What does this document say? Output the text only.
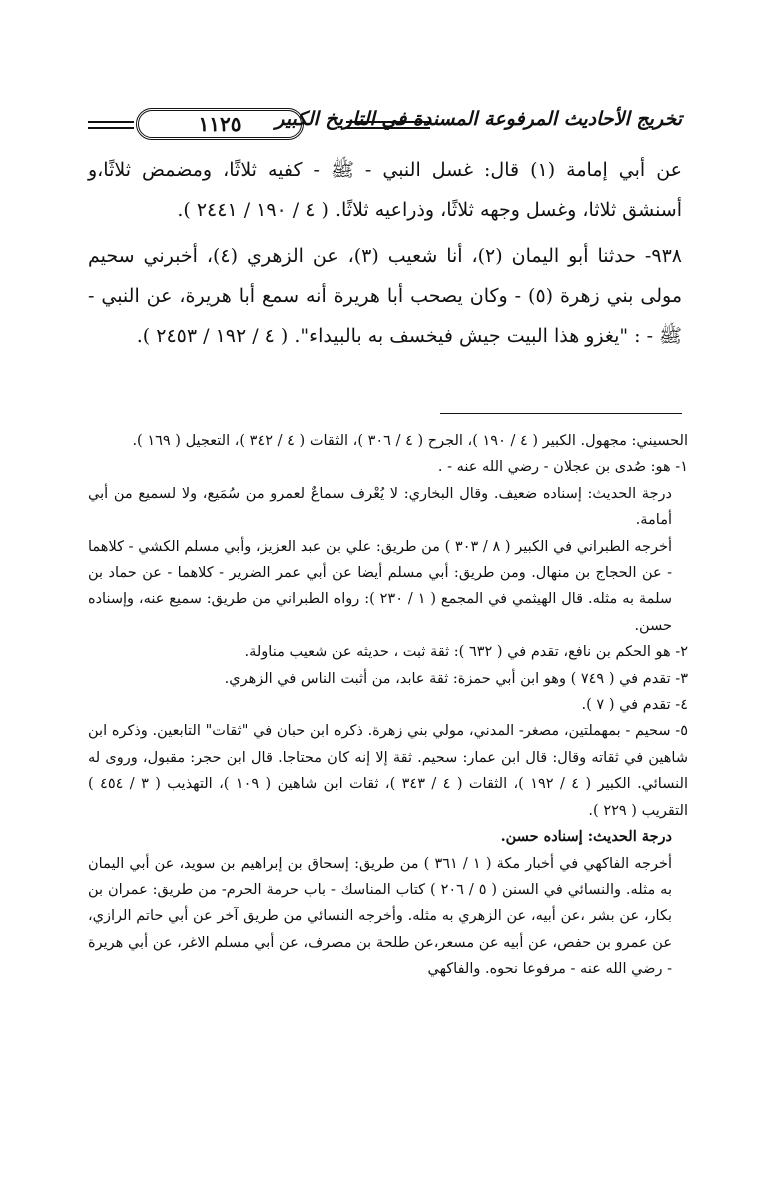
تخريج الأحاديث المرفوعة المسندة في التاريخ الكبير
١١٢٥

عن أبي إمامة (١) قال: غسل النبي - ﷺ - كفيه ثلاثًا، ومضمض ثلاثًا،و أسنشق ثلاثا، وغسل وجهه ثلاثًا، وذراعيه ثلاثًا. ( ٤ / ١٩٠ / ٢٤٤١ ).

٩٣٨- حدثنا أبو اليمان (٢)، أنا شعيب (٣)، عن الزهري (٤)، أخبرني سحيم مولى بني زهرة (٥) - وكان يصحب أبا هريرة أنه سمع أبا هريرة، عن النبي - ﷺ - : "يغزو هذا البيت جيش فيخسف به بالبيداء". ( ٤ / ١٩٢ / ٢٤٥٣ ).

الحسيني: مجهول. الكبير ( ٤ / ١٩٠ )، الجرح ( ٤ / ٣٠٦ )، الثقات ( ٤ / ٣٤٢ )، التعجيل ( ١٦٩ ).

١- هو: صُدى بن عجلان - رضي الله عنه - .

درجة الحديث: إسناده ضعيف. وقال البخاري: لا يُعْرف سماعٌ لعمرو من سُمَيع، ولا لسميع من أبي أمامة.

أخرجه الطبراني في الكبير ( ٨ / ٣٠٣ ) من طريق: علي بن عبد العزيز، وأبي مسلم الكشي - كلاهما - عن الحجاج بن منهال. ومن طريق: أبي مسلم أيضا عن أبي عمر الضرير - كلاهما - عن حماد بن سلمة به مثله. قال الهيثمي في المجمع ( ١ / ٢٣٠ ): رواه الطبراني من طريق: سميع عنه، وإسناده حسن.

٢- هو الحكم بن نافع، تقدم في ( ٦٣٢ ): ثقة ثبت ، حديثه عن شعيب مناولة.

٣- تقدم في ( ٧٤٩ ) وهو ابن أبي حمزة: ثقة عابد، من أثبت الناس في الزهري.

٤- تقدم في ( ٧ ).

٥- سحيم - بمهملتين، مصغر- المدني، مولي بني زهرة. ذكره ابن حبان في "ثقات" التابعين. وذكره ابن شاهين في ثقاته وقال: قال ابن عمار: سحيم. ثقة إلا إنه كان محتاجا. قال ابن حجر: مقبول، وروى له النسائي. الكبير ( ٤ / ١٩٢ )، الثقات ( ٤ / ٣٤٣ )، ثقات ابن شاهين ( ١٠٩ )، التهذيب ( ٣ / ٤٥٤ ) التقريب ( ٢٢٩ ).

درجة الحديث: إسناده حسن.

أخرجه الفاكهي في أخبار مكة ( ١ / ٣٦١ ) من طريق: إسحاق بن إبراهيم بن سويد، عن أبي اليمان به مثله. والنسائي في السنن ( ٥ / ٢٠٦ ) كتاب المناسك - باب حرمة الحرم- من طريق: عمران بن بكار، عن بشر ،عن أبيه، عن الزهري به مثله. وأخرجه النسائي من طريق آخر عن أبي حاتم الرازي، عن عمرو بن حفص، عن أبيه عن مسعر،عن طلحة بن مصرف، عن أبي مسلم الاغر، عن أبي هريرة - رضي الله عنه - مرفوعا نحوه. والفاكهي
